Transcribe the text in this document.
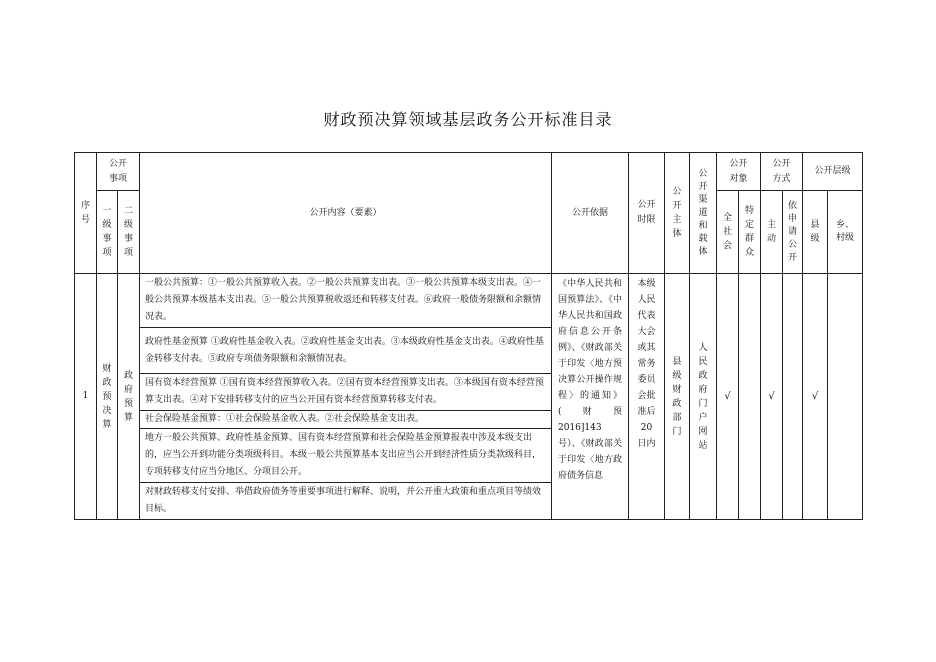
财政预决算领域基层政务公开标准目录
序号	公开事项		公开内容（要素）	公开依据	公开时限	公开主体	公开渠道和载体	公开对象		公开方式		公开层级	

	一级事项	二级事项						全社会	特定群众	主动	依申请公开	县级	乡、村级

1	财政预决算	政府预算	一般公共预算：①一般公共预算收入表。②一般公共预算支出表。③一般公共预算本级支出表。④一般公共预算本级基本支出表。⑤一般公共预算税收返还和转移支付表。⑥政府一般债务限额和余额情况表。	《中华人民共和国预算法》、《中华人民共和国政府信息公开条例》、《财政部关于印发〈地方预决算公开操作规程〉的通知》(财预 2016]143号）、《财政部关于印发〈地方政府债务信息	本级人民代表大会或其常务委员会批准后20日内	县级财政部门	人民政府门户网站	√		√		√	
			政府性基金预算 ①政府性基金收入表。②政府性基金支出表。③本级政府性基金支出表。④政府性基金转移支付表。⑤政府专项债务限额和余额情况表。										
			国有资本经营预算 ①国有资本经营预算收入表。②国有资本经营预算支出表。③本级国有资本经营预算支出表。④对下安排转移支付的应当公开国有资本经营预算转移支付表。										
			社会保险基金预算：①社会保险基金收入表。②社会保险基金支出表。										
			地方一般公共预算、政府性基金预算、国有资本经营预算和社会保险基金预算报表中涉及本级支出的，应当公开到功能分类项级科目。本级一般公共预算基本支出应当公开到经济性质分类款级科目，专项转移支付应当分地区、分项目公开。										
			对财政转移支付安排、举借政府债务等重要事项进行解释、说明，并公开重大政策和重点项目等绩效目标。										
